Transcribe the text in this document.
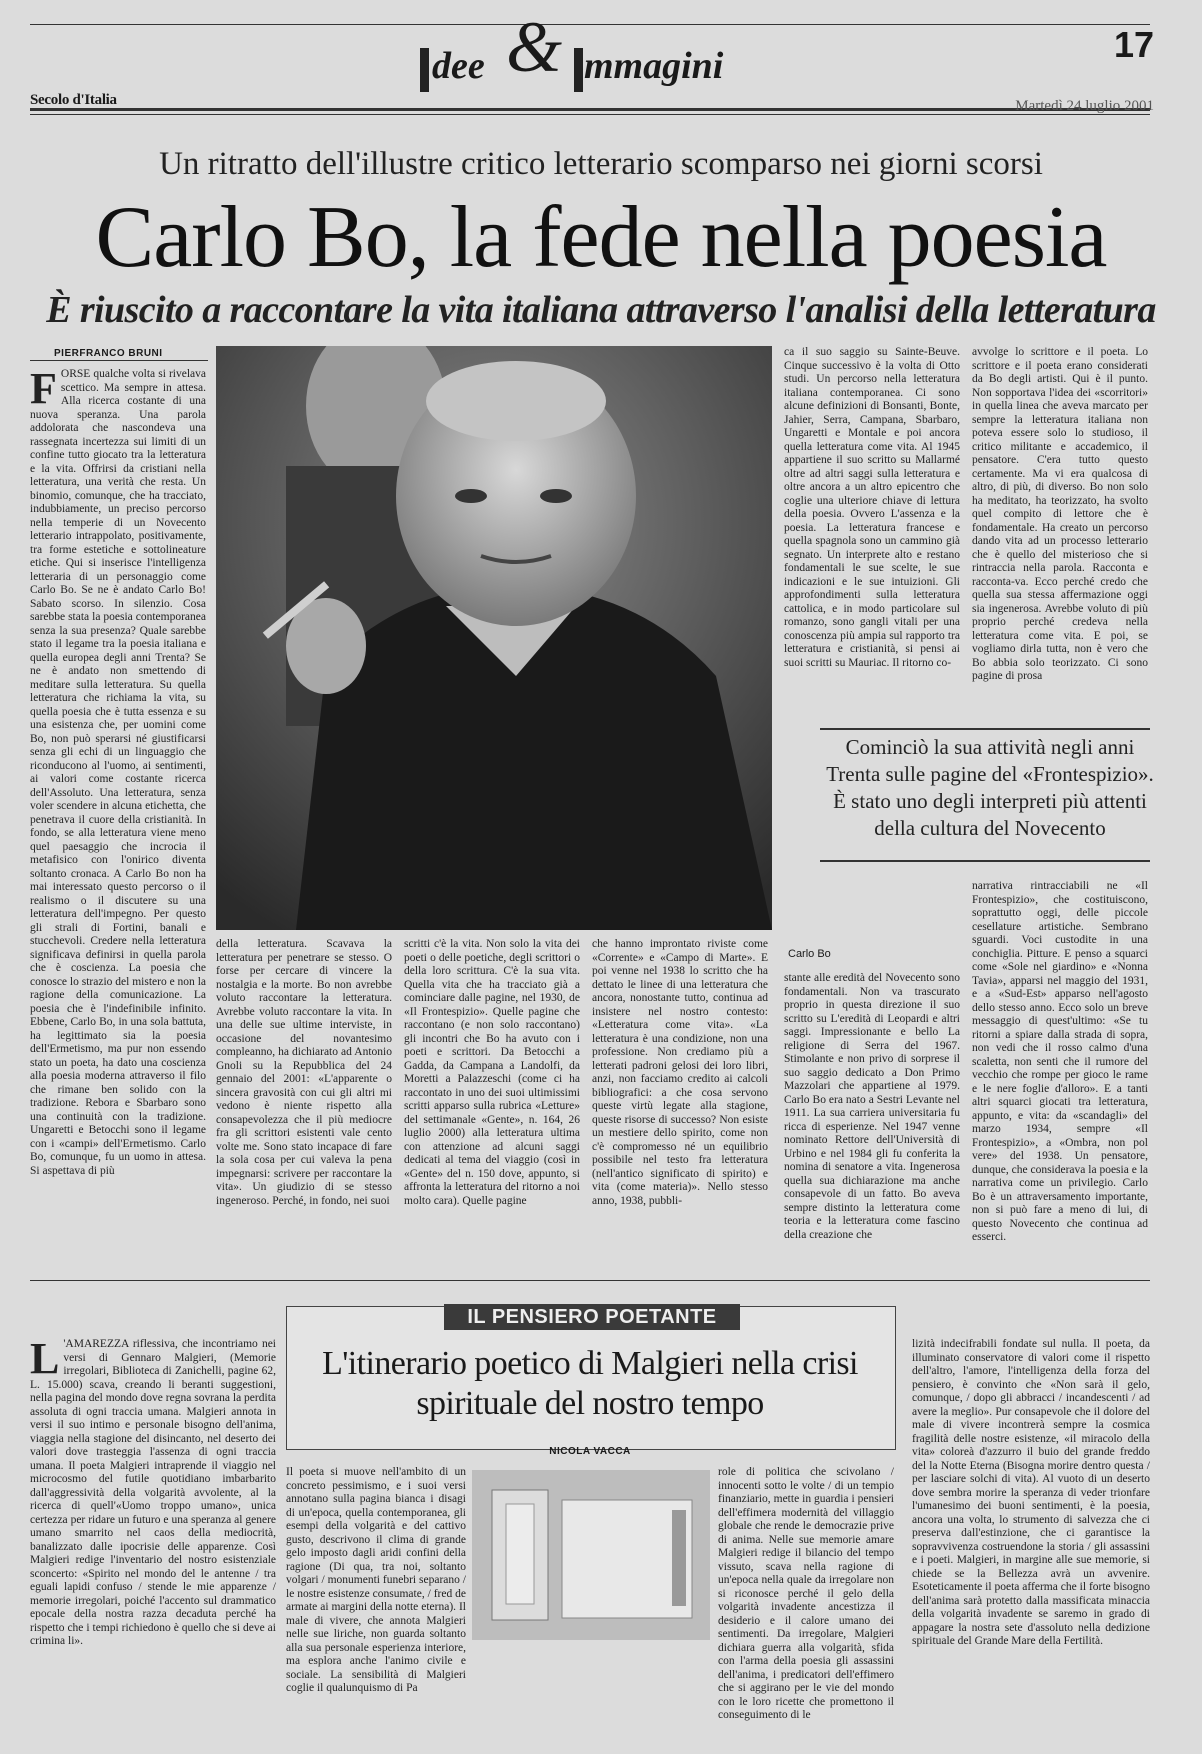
Secolo d'Italia
dee & mmagini
17
Martedì 24 luglio 2001
Un ritratto dell'illustre critico letterario scomparso nei giorni scorsi
Carlo Bo, la fede nella poesia
È riuscito a raccontare la vita italiana attraverso l'analisi della letteratura
PIERFRANCO BRUNI
FORSE qualche volta si rivelava scettico. Ma sempre in attesa. Alla ricerca costante di una nuova speranza. Una parola addolorata che nascondeva una rassegnata incertezza sui limiti di un confine tutto giocato tra la letteratura e la vita. Offrirsi da cristiani nella letteratura, una verità che resta. Un binomio, comunque, che ha tracciato, indubbiamente, un preciso percorso nella temperie di un Novecento letterario intrappolato, positivamente, tra forme estetiche e sottolineature etiche. Qui si inserisce l'intelligenza letteraria di un personaggio come Carlo Bo. Se ne è andato Carlo Bo! Sabato scorso. In silenzio. Cosa sarebbe stata la poesia contemporanea senza la sua presenza? Quale sarebbe stato il legame tra la poesia italiana e quella europea degli anni Trenta? Se ne è andato non smettendo di meditare sulla letteratura. Su quella letteratura che richiama la vita, su quella poesia che è tutta essenza e su una esistenza che, per uomini come Bo, non può sperarsi né giustificarsi senza gli echi di un linguaggio che riconducono al l'uomo, ai sentimenti, ai valori come costante ricerca dell'Assoluto. Una letteratura, senza voler scendere in alcuna etichetta, che penetrava il cuore della cristianità. In fondo, se alla letteratura viene meno quel paesaggio che incrocia il metafisico con l'onirico diventa soltanto cronaca. A Carlo Bo non ha mai interessato questo percorso o il realismo o il discutere su una letteratura dell'impegno. Per questo gli strali di Fortini, banali e stucchevoli. Credere nella letteratura significava definirsi in quella parola che è coscienza. La poesia che conosce lo strazio del mistero e non la ragione della comunicazione. La poesia che è l'indefinibile infinito. Ebbene, Carlo Bo, in una sola battuta, ha legittimato sia la poesia dell'Ermetismo, ma pur non essendo stato un poeta, ha dato una coscienza alla poesia moderna attraverso il filo che rimane ben solido con la tradizione. Rebora e Sbarbaro sono una continuità con la tradizione. Ungaretti e Betocchi sono il legame con i «campi» dell'Ermetismo. Carlo Bo, comunque, fu un uomo in attesa. Si aspettava di più
della letteratura. Scavava la letteratura per penetrare se stesso. O forse per cercare di vincere la nostalgia e la morte. Bo non avrebbe voluto raccontare la letteratura. Avrebbe voluto raccontare la vita. In una delle sue ultime interviste, in occasione del novantesimo compleanno, ha dichiarato ad Antonio Gnoli su la Repubblica del 24 gennaio del 2001: «L'apparente o sincera gravosità con cui gli altri mi vedono è niente rispetto alla consapevolezza che il più mediocre fra gli scrittori esistenti vale cento volte me. Sono stato incapace di fare la sola cosa per cui valeva la pena impegnarsi: scrivere per raccontare la vita». Un giudizio di se stesso ingeneroso. Perché, in fondo, nei suoi
scritti c'è la vita. Non solo la vita dei poeti o delle poetiche, degli scrittori o della loro scrittura. C'è la sua vita. Quella vita che ha tracciato già a cominciare dalle pagine, nel 1930, de «Il Frontespizio». Quelle pagine che raccontano (e non solo raccontano) gli incontri che Bo ha avuto con i poeti e scrittori. Da Betocchi a Gadda, da Campana a Landolfi, da Moretti a Palazzeschi (come ci ha raccontato in uno dei suoi ultimissimi scritti apparso sulla rubrica «Letture» del settimanale «Gente», n. 164, 26 luglio 2000) alla letteratura ultima con attenzione ad alcuni saggi dedicati al tema del viaggio (così in «Gente» del n. 150 dove, appunto, si affronta la letteratura del ritorno a noi molto cara). Quelle pagine
che hanno improntato riviste come «Corrente» e «Campo di Marte». E poi venne nel 1938 lo scritto che ha dettato le linee di una letteratura che ancora, nonostante tutto, continua ad insistere nel nostro contesto: «Letteratura come vita». «La letteratura è una condizione, non una professione. Non crediamo più a letterati padroni gelosi dei loro libri, anzi, non facciamo credito ai calcoli bibliografici: a che cosa servono queste virtù legate alla stagione, queste risorse di successo? Non esiste un mestiere dello spirito, come non c'è compromesso né un equilibrio possibile nel testo fra letteratura (nell'antico significato di spirito) e vita (come materia)». Nello stesso anno, 1938, pubbli-
ca il suo saggio su Sainte-Beuve. Cinque successivo è la volta di Otto studi. Un percorso nella letteratura italiana contemporanea. Ci sono alcune definizioni di Bonsanti, Bonte, Jahier, Serra, Campana, Sbarbaro, Ungaretti e Montale e poi ancora quella letteratura come vita. Al 1945 appartiene il suo scritto su Mallarmé oltre ad altri saggi sulla letteratura e oltre ancora a un altro epicentro che coglie una ulteriore chiave di lettura della poesia. Ovvero L'assenza e la poesia. La letteratura francese e quella spagnola sono un cammino già segnato. Un interprete alto e restano fondamentali le sue scelte, le sue indicazioni e le sue intuizioni. Gli approfondimenti sulla letteratura cattolica, e in modo particolare sul romanzo, sono gangli vitali per una conoscenza più ampia sul rapporto tra letteratura e cristianità, si pensi ai suoi scritti su Mauriac. Il ritorno co-
avvolge lo scrittore e il poeta. Lo scrittore e il poeta erano considerati da Bo degli artisti. Qui è il punto. Non sopportava l'idea dei «scorritori» in quella linea che aveva marcato per sempre la letteratura italiana non poteva essere solo lo studioso, il critico militante e accademico, il pensatore. C'era tutto questo certamente. Ma vi era qualcosa di altro, di più, di diverso. Bo non solo ha meditato, ha teorizzato, ha svolto quel compito di lettore che è fondamentale. Ha creato un percorso dando vita ad un processo letterario che è quello del misterioso che si rintraccia nella parola. Racconta e racconta-va. Ecco perché credo che quella sua stessa affermazione oggi sia ingenerosa. Avrebbe voluto di più proprio perché credeva nella letteratura come vita. E poi, se vogliamo dirla tutta, non è vero che Bo abbia solo teorizzato. Ci sono pagine di prosa
Cominciò la sua attività negli anni Trenta sulle pagine del «Frontespizio». È stato uno degli interpreti più attenti della cultura del Novecento
Carlo Bo
stante alle eredità del Novecento sono fondamentali. Non va trascurato proprio in questa direzione il suo scritto su L'eredità di Leopardi e altri saggi. Impressionante e bello La religione di Serra del 1967. Stimolante e non privo di sorprese il suo saggio dedicato a Don Primo Mazzolari che appartiene al 1979. Carlo Bo era nato a Sestri Levante nel 1911. La sua carriera universitaria fu ricca di esperienze. Nel 1947 venne nominato Rettore dell'Università di Urbino e nel 1984 gli fu conferita la nomina di senatore a vita. Ingenerosa quella sua dichiarazione ma anche consapevole di un fatto. Bo aveva sempre distinto la letteratura come teoria e la letteratura come fascino della creazione che
narrativa rintracciabili ne «Il Frontespizio», che costituiscono, soprattutto oggi, delle piccole cesellature artistiche. Sembrano sguardi. Voci custodite in una conchiglia. Pitture. E penso a squarci come «Sole nel giardino» e «Nonna Tavia», apparsi nel maggio del 1931, e a «Sud-Est» apparso nell'agosto dello stesso anno. Ecco solo un breve messaggio di quest'ultimo: «Se tu ritorni a spiare dalla strada di sopra, non vedi che il rosso calmo d'una scaletta, non senti che il rumore del vecchio che rompe per gioco le rame e le nere foglie d'alloro». E a tanti altri squarci giocati tra letteratura, appunto, e vita: da «scandagli» del marzo 1934, sempre «Il Frontespizio», a «Ombra, non pol vere» del 1938. Un pensatore, dunque, che considerava la poesia e la narrativa come un privilegio. Carlo Bo è un attraversamento importante, non si può fare a meno di lui, di questo Novecento che continua ad esserci.
IL PENSIERO POETANTE
L'itinerario poetico di Malgieri nella crisi spirituale del nostro tempo
NICOLA VACCA
L 'AMAREZZA riflessiva, che incontriamo nei versi di Gennaro Malgieri, (Memorie irregolari, Biblioteca di Zanichelli, pagine 62, L. 15.000) scava, creando li beranti suggestioni, nella pagina del mondo dove regna sovrana la perdita assoluta di ogni traccia umana. Malgieri annota in versi il suo intimo e personale bisogno dell'anima, viaggia nella stagione del disincanto, nel deserto dei valori dove trasteggia l'assenza di ogni traccia umana. Il poeta Malgieri intraprende il viaggio nel microcosmo del futile quotidiano imbarbarito dall'aggressività della volgarità avvolente, al la ricerca di quell'«Uomo troppo umano», unica certezza per ridare un futuro e una speranza al genere umano smarrito nel caos della mediocrità, banalizzato dalle ipocrisie delle apparenze. Così Malgieri redige l'inventario del nostro esistenziale sconcerto: «Spirito nel mondo del le antenne / tra eguali lapidi confuso / stende le mie apparenze / memorie irregolari, poiché l'accento sul drammatico epocale della nostra razza decaduta perché ha rispetto che i tempi richiedono è quello che si deve ai crimina li».
Il poeta si muove nell'ambito di un concreto pessimismo, e i suoi versi annotano sulla pagina bianca i disagi di un'epoca, quella contemporanea, gli esempi della volgarità e del cattivo gusto, descrivono il clima di grande gelo imposto dagli aridi confini della ragione (Di qua, tra noi, soltanto volgari / monumenti funebri separano / le nostre esistenze consumate, / fred de armate ai margini della notte eterna). Il male di vivere, che annota Malgieri nelle sue liriche, non guarda soltanto alla sua personale esperienza interiore, ma esplora anche l'animo civile e sociale. La sensibilità di Malgieri coglie il qualunquismo di Pa
role di politica che scivolano / innocenti sotto le volte / di un tempio finanziario, mette in guardia i pensieri dell'effimera modernità del villaggio globale che rende le democrazie prive di anima. Nelle sue memorie amare Malgieri redige il bilancio del tempo vissuto, scava nella ragione di un'epoca nella quale da irregolare non si riconosce perché il gelo della volgarità invadente ancestizza il desiderio e il calore umano dei sentimenti. Da irregolare, Malgieri dichiara guerra alla volgarità, sfida con l'arma della poesia gli assassini dell'anima, i predicatori dell'effimero che si aggirano per le vie del mondo con le loro ricette che promettono il conseguimento di le
lizità indecifrabili fondate sul nulla. Il poeta, da illuminato conservatore di valori come il rispetto dell'altro, l'amore, l'intelligenza della forza del pensiero, è convinto che «Non sarà il gelo, comunque, / dopo gli abbracci / incandescenti / ad avere la meglio». Pur consapevole che il dolore del male di vivere incontrerà sempre la cosmica fragilità delle nostre esistenze, «il miracolo della vita» coloreà d'azzurro il buio del grande freddo del la Notte Eterna (Bisogna morire dentro questa / per lasciare solchi di vita). Al vuoto di un deserto dove sembra morire la speranza di veder trionfare l'umanesimo dei buoni sentimenti, è la poesia, ancora una volta, lo strumento di salvezza che ci preserva dall'estinzione, che ci garantisce la sopravvivenza costruendone la storia / gli assassini e i poeti. Malgieri, in margine alle sue memorie, si chiede se la Bellezza avrà un avvenire. Esoteticamente il poeta afferma che il forte bisogno dell'anima sarà protetto dalla massificata minaccia della volgarità invadente se saremo in grado di appagare la nostra sete d'assoluto nella dedizione spirituale del Grande Mare della Fertilità.
